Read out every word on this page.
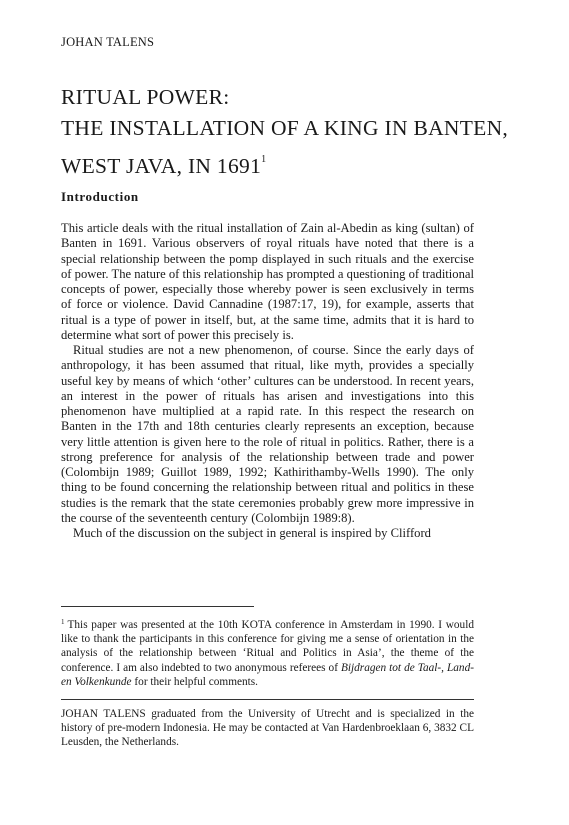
JOHAN TALENS
RITUAL POWER:
THE INSTALLATION OF A KING IN BANTEN,
WEST JAVA, IN 1691$^1$
Introduction

This article deals with the ritual installation of Zain al-Abedin as king (sultan) of Banten in 1691. Various observers of royal rituals have noted that there is a special relationship between the pomp displayed in such rituals and the exercise of power. The nature of this relationship has prompted a questioning of traditional concepts of power, especially those whereby power is seen exclusively in terms of force or violence. David Cannadine (1987:17, 19), for example, asserts that ritual is a type of power in itself, but, at the same time, admits that it is hard to determine what sort of power this precisely is.

Ritual studies are not a new phenomenon, of course. Since the early days of anthropology, it has been assumed that ritual, like myth, provides a specially useful key by means of which ‘other’ cultures can be understood. In recent years, an interest in the power of rituals has arisen and investigations into this phenomenon have multiplied at a rapid rate. In this respect the research on Banten in the 17th and 18th centuries clearly represents an exception, because very little attention is given here to the role of ritual in politics. Rather, there is a strong preference for analysis of the relationship between trade and power (Colombijn 1989; Guillot 1989, 1992; Kathirithamby-Wells 1990). The only thing to be found concerning the relationship between ritual and politics in these studies is the remark that the state ceremonies probably grew more impressive in the course of the seventeenth century (Colombijn 1989:8).

Much of the discussion on the subject in general is inspired by Clifford

$^1$ This paper was presented at the 10th KOTA conference in Amsterdam in 1990. I would like to thank the participants in this conference for giving me a sense of orientation in the analysis of the relationship between ‘Ritual and Politics in Asia’, the theme of the conference. I am also indebted to two anonymous referees of Bijdragen tot de Taal-, Land- en Volkenkunde for their helpful comments.
JOHAN TALENS graduated from the University of Utrecht and is specialized in the history of pre-modern Indonesia. He may be contacted at Van Hardenbroeklaan 6, 3832 CL Leusden, the Netherlands.
